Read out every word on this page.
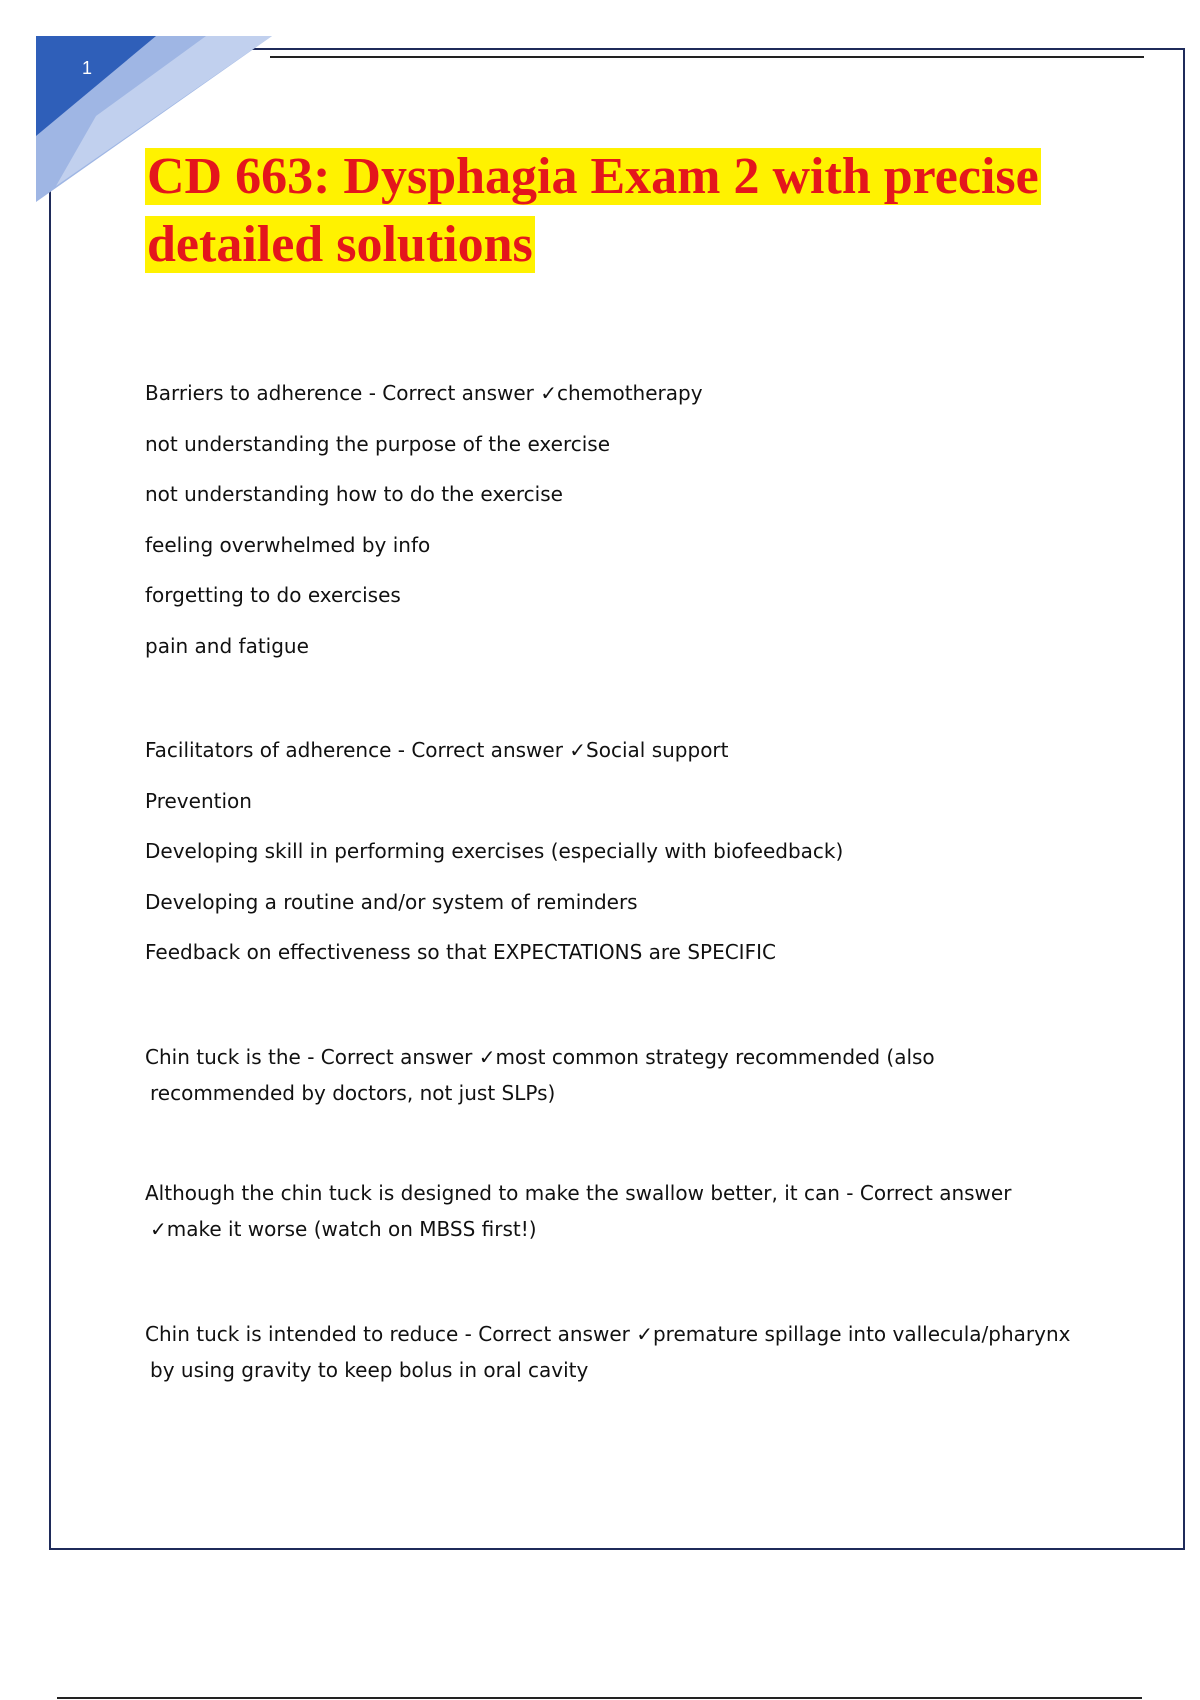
1
CD 663: Dysphagia Exam 2 with precise
detailed solutions
Barriers to adherence - Correct answer ✓chemotherapy
not understanding the purpose of the exercise
not understanding how to do the exercise
feeling overwhelmed by info
forgetting to do exercises
pain and fatigue
Facilitators of adherence - Correct answer ✓Social support
Prevention
Developing skill in performing exercises (especially with biofeedback)
Developing a routine and/or system of reminders
Feedback on effectiveness so that EXPECTATIONS are SPECIFIC
Chin tuck is the - Correct answer ✓most common strategy recommended (also
recommended by doctors, not just SLPs)
Although the chin tuck is designed to make the swallow better, it can - Correct answer
✓make it worse (watch on MBSS first!)
Chin tuck is intended to reduce - Correct answer ✓premature spillage into vallecula/pharynx
by using gravity to keep bolus in oral cavity
